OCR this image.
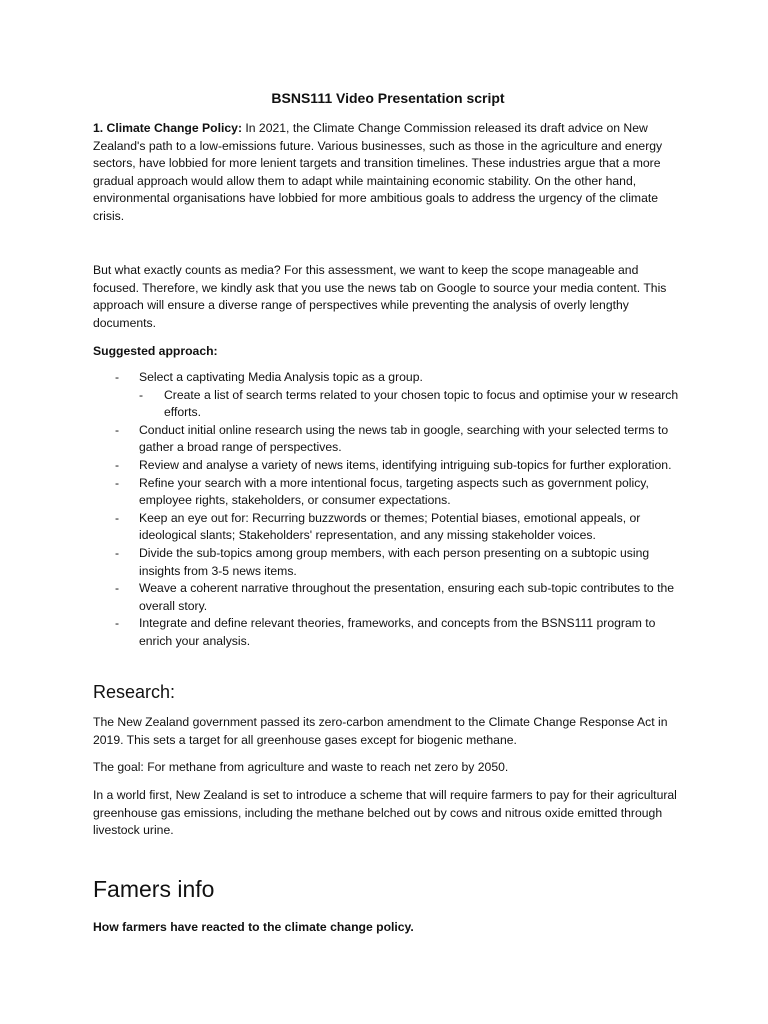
BSNS111 Video Presentation script
1. Climate Change Policy: In 2021, the Climate Change Commission released its draft advice on New Zealand's path to a low-emissions future. Various businesses, such as those in the agriculture and energy sectors, have lobbied for more lenient targets and transition timelines. These industries argue that a more gradual approach would allow them to adapt while maintaining economic stability. On the other hand, environmental organisations have lobbied for more ambitious goals to address the urgency of the climate crisis.
But what exactly counts as media? For this assessment, we want to keep the scope manageable and focused. Therefore, we kindly ask that you use the news tab on Google to source your media content. This approach will ensure a diverse range of perspectives while preventing the analysis of overly lengthy documents.
Suggested approach:
- Select a captivating Media Analysis topic as a group.
- Create a list of search terms related to your chosen topic to focus and optimise your w research efforts.
- Conduct initial online research using the news tab in google, searching with your selected terms to gather a broad range of perspectives.
- Review and analyse a variety of news items, identifying intriguing sub-topics for further exploration.
- Refine your search with a more intentional focus, targeting aspects such as government policy, employee rights, stakeholders, or consumer expectations.
- Keep an eye out for: Recurring buzzwords or themes; Potential biases, emotional appeals, or ideological slants; Stakeholders' representation, and any missing stakeholder voices.
- Divide the sub-topics among group members, with each person presenting on a subtopic using insights from 3-5 news items.
- Weave a coherent narrative throughout the presentation, ensuring each sub-topic contributes to the overall story.
- Integrate and define relevant theories, frameworks, and concepts from the BSNS111 program to enrich your analysis.
Research:
The New Zealand government passed its zero-carbon amendment to the Climate Change Response Act in 2019. This sets a target for all greenhouse gases except for biogenic methane.
The goal: For methane from agriculture and waste to reach net zero by 2050.
In a world first, New Zealand is set to introduce a scheme that will require farmers to pay for their agricultural greenhouse gas emissions, including the methane belched out by cows and nitrous oxide emitted through livestock urine.
Famers info
How farmers have reacted to the climate change policy.
